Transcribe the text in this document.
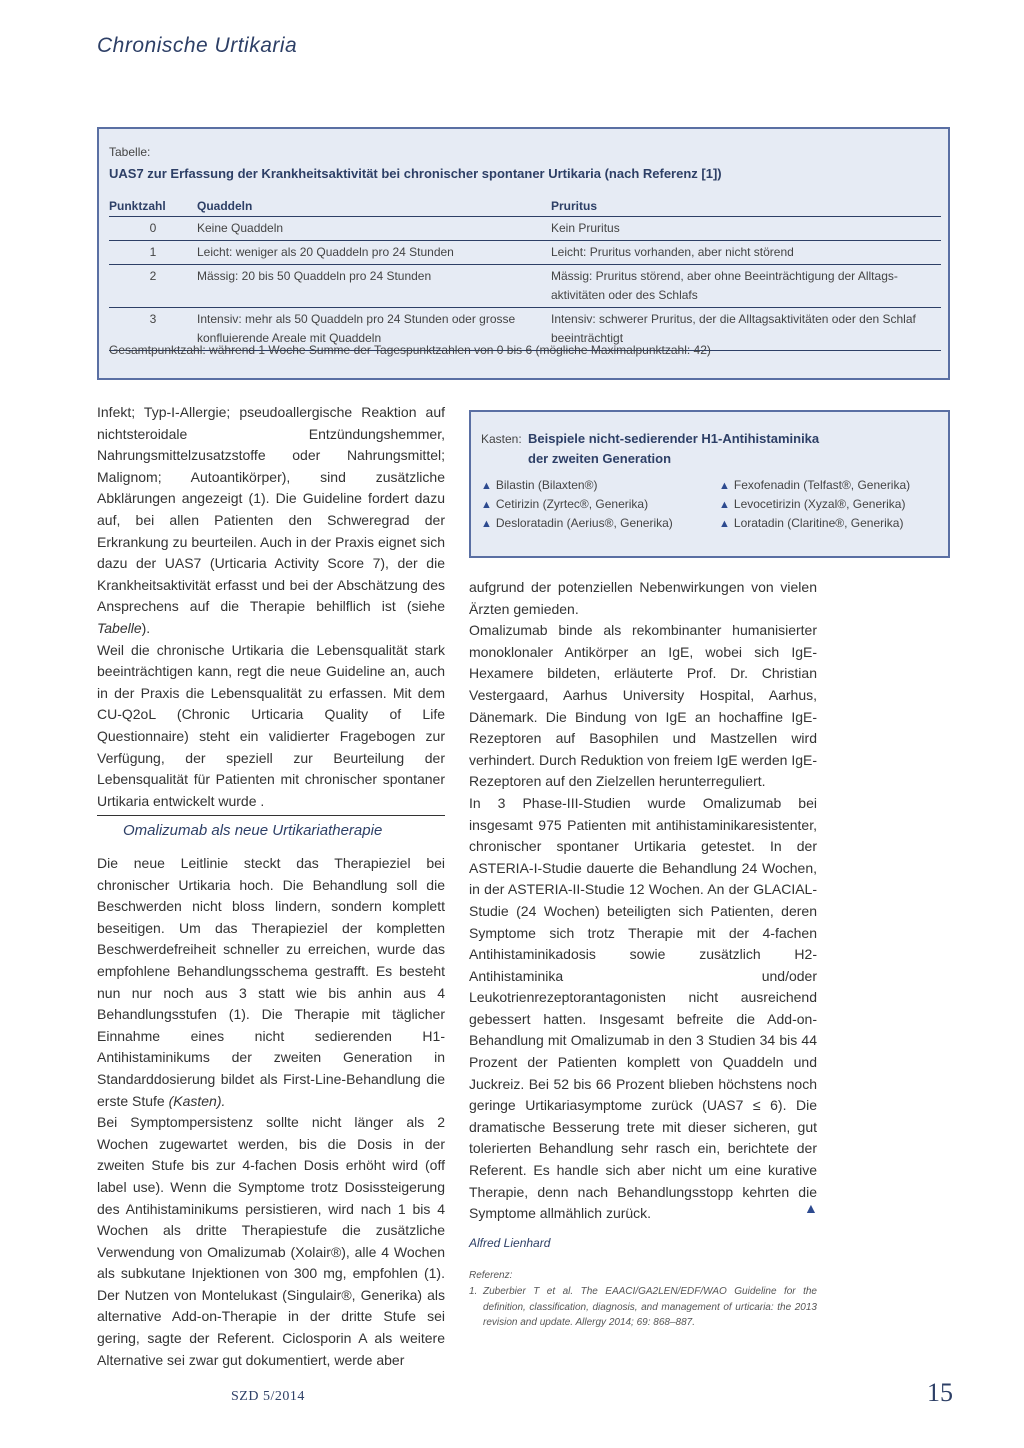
Chronische Urtikaria
Tabelle:
UAS7 zur Erfassung der Krankheitsaktivität bei chronischer spontaner Urtikaria (nach Referenz [1])
Punktzahl	Quaddeln	Pruritus
0	Keine Quaddeln	Kein Pruritus
1	Leicht: weniger als 20 Quaddeln pro 24 Stunden	Leicht: Pruritus vorhanden, aber nicht störend
2	Mässig: 20 bis 50 Quaddeln pro 24 Stunden	Mässig: Pruritus störend, aber ohne Beeinträchtigung der Alltags-aktivitäten oder des Schlafs
3	Intensiv: mehr als 50 Quaddeln pro 24 Stunden oder grosse konfluierende Areale mit Quaddeln	Intensiv: schwerer Pruritus, der die Alltagsaktivitäten oder den Schlaf beeinträchtigt
Gesamtpunktzahl: während 1 Woche Summe der Tagespunktzahlen von 0 bis 6 (mögliche Maximalpunktzahl: 42)

Infekt; Typ-I-Allergie; pseudoallergische Reaktion auf nichtsteroidale Entzündungshemmer, Nahrungsmittelzusatzstoffe oder Nahrungsmittel; Malignom; Autoantikörper), sind zusätzliche Abklärungen angezeigt (1). Die Guideline fordert dazu auf, bei allen Patienten den Schweregrad der Erkrankung zu beurteilen. Auch in der Praxis eignet sich dazu der UAS7 (Urticaria Activity Score 7), der die Krankheitsaktivität erfasst und bei der Abschätzung des Ansprechens auf die Therapie behilflich ist (siehe Tabelle).

Weil die chronische Urtikaria die Lebensqualität stark beeinträchtigen kann, regt die neue Guideline an, auch in der Praxis die Lebensqualität zu erfassen. Mit dem CU-Q2oL (Chronic Urticaria Quality of Life Questionnaire) steht ein validierter Fragebogen zur Verfügung, der speziell zur Beurteilung der Lebensqualität für Patienten mit chronischer spontaner Urtikaria entwickelt wurde .

Omalizumab als neue Urtikariatherapie

Die neue Leitlinie steckt das Therapieziel bei chronischer Urtikaria hoch. Die Behandlung soll die Beschwerden nicht bloss lindern, sondern komplett beseitigen. Um das Therapieziel der kompletten Beschwerdefreiheit schneller zu erreichen, wurde das empfohlene Behandlungsschema gestrafft. Es besteht nun nur noch aus 3 statt wie bis anhin aus 4 Behandlungsstufen (1). Die Therapie mit täglicher Einnahme eines nicht sedierenden H1-Antihistaminikums der zweiten Generation in Standarddosierung bildet als First-Line-Behandlung die erste Stufe (Kasten).

Bei Symptompersistenz sollte nicht länger als 2 Wochen zugewartet werden, bis die Dosis in der zweiten Stufe bis zur 4-fachen Dosis erhöht wird (off label use). Wenn die Symptome trotz Dosissteigerung des Antihistaminikums persistieren, wird nach 1 bis 4 Wochen als dritte Therapiestufe die zusätzliche Verwendung von Omalizumab (Xolair®), alle 4 Wochen als subkutane Injektionen von 300 mg, empfohlen (1). Der Nutzen von Montelukast (Singulair®, Generika) als alternative Add-on-Therapie in der dritte Stufe sei gering, sagte der Referent. Ciclosporin A als weitere Alternative sei zwar gut dokumentiert, werde aber

Kasten: Beispiele nicht-sedierender H1-Antihistaminika
der zweiten Generation
▲ Bilastin (Bilaxten®)
▲ Cetirizin (Zyrtec®, Generika)
▲ Desloratadin (Aerius®, Generika)
▲ Fexofenadin (Telfast®, Generika)
▲ Levocetirizin (Xyzal®, Generika)
▲ Loratadin (Claritine®, Generika)

aufgrund der potenziellen Nebenwirkungen von vielen Ärzten gemieden.

Omalizumab binde als rekombinanter humanisierter monoklonaler Antikörper an IgE, wobei sich IgE-Hexamere bildeten, erläuterte Prof. Dr. Christian Vestergaard, Aarhus University Hospital, Aarhus, Dänemark. Die Bindung von IgE an hochaffine IgE-Rezeptoren auf Basophilen und Mastzellen wird verhindert. Durch Reduktion von freiem IgE werden IgE-Rezeptoren auf den Zielzellen herunterreguliert.

In 3 Phase-III-Studien wurde Omalizumab bei insgesamt 975 Patienten mit antihistaminikaresistenter, chronischer spontaner Urtikaria getestet. In der ASTERIA-I-Studie dauerte die Behandlung 24 Wochen, in der ASTERIA-II-Studie 12 Wochen. An der GLACIAL-Studie (24 Wochen) beteiligten sich Patienten, deren Symptome sich trotz Therapie mit der 4-fachen Antihistaminikadosis sowie zusätzlich H2-Antihistaminika und/oder Leukotrienrezeptorantagonisten nicht ausreichend gebessert hatten. Insgesamt befreite die Add-on-Behandlung mit Omalizumab in den 3 Studien 34 bis 44 Prozent der Patienten komplett von Quaddeln und Juckreiz. Bei 52 bis 66 Prozent blieben höchstens noch geringe Urtikariasymptome zurück (UAS7 ≤ 6). Die dramatische Besserung trete mit dieser sicheren, gut tolerierten Behandlung sehr rasch ein, berichtete der Referent. Es handle sich aber nicht um eine kurative Therapie, denn nach Behandlungsstopp kehrten die Symptome allmählich zurück.	▲
Alfred Lienhard
Referenz:
1. Zuberbier T et al. The EAACI/GA2LEN/EDF/WAO Guideline for the definition, classification, diagnosis, and management of urticaria: the 2013 revision and update. Allergy 2014; 69: 868–887.
SZD 5/2014	15
